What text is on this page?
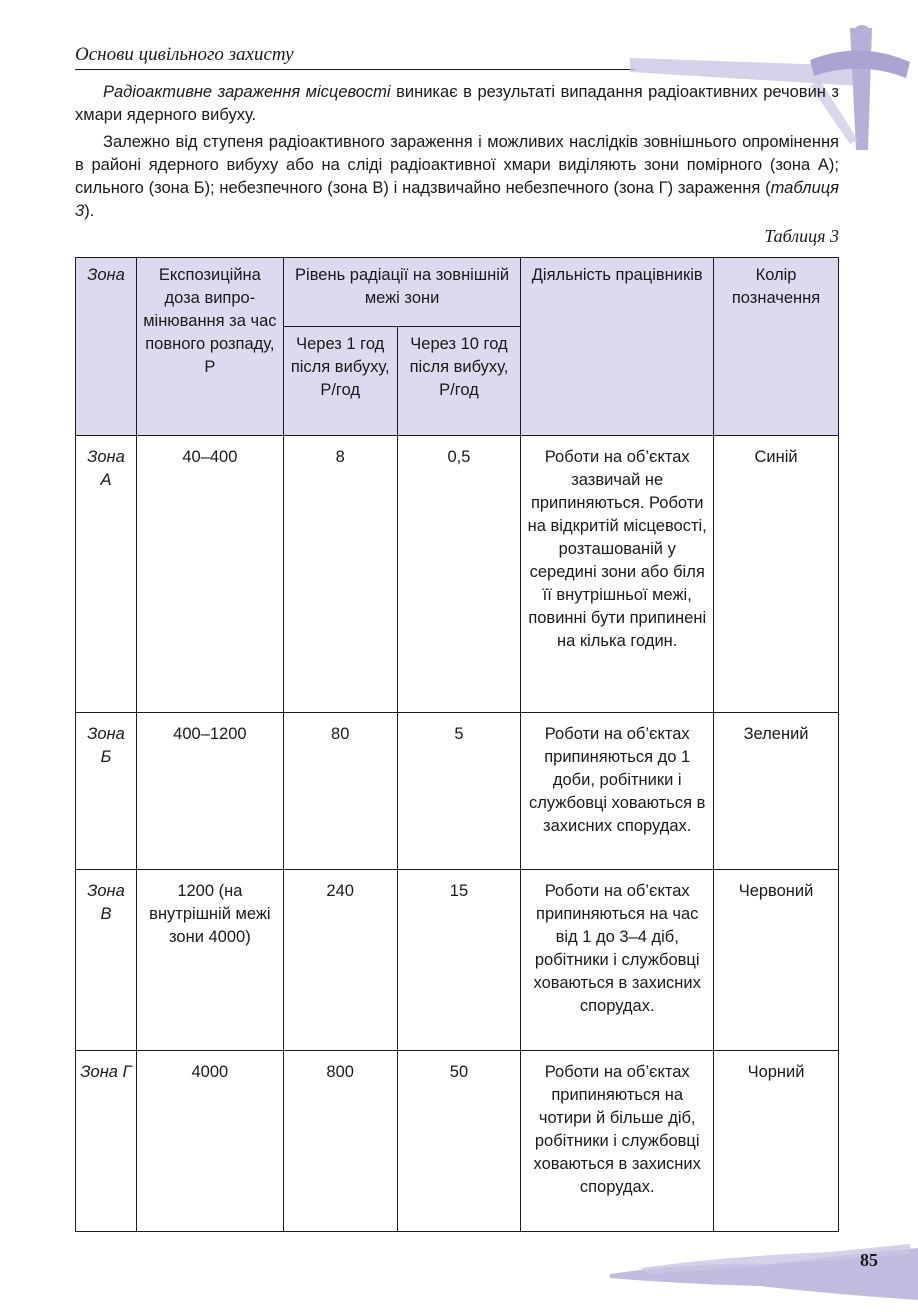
Основи цивільного захисту
Радіоактивне зараження місцевості виникає в результаті випадання радіоактивних речовин з хмари ядерного вибуху.
Залежно від ступеня радіоактивного зараження і можливих наслідків зовнішнього опромінення в районі ядерного вибуху або на сліді радіоактивної хмари виділяють зони помірного (зона А); сильного (зона Б); небезпечного (зона В) і надзвичайно небезпечного (зона Г) зараження (таблиця 3).
Таблиця 3
Зона	Експозиційна доза випро-мінювання за час повного розпаду, Р	Рівень радіації на зовнішній межі зони		Діяльність працівників	Колір позначення
		Через 1 год після вибуху, Р/год	Через 10 год після вибуху, Р/год		
Зона А	40–400	8	0,5	Роботи на об’єктах зазвичай не припиняються. Роботи на відкритій місцевості, розташованій у середині зони або біля її внутрішньої межі, повинні бути припинені на кілька годин.	Синій
Зона Б	400–1200	80	5	Роботи на об’єктах припиняються до 1 доби, робітники і службовці ховаються в захисних спорудах.	Зелений
Зона В	1200 (на внутрішній межі зони 4000)	240	15	Роботи на об’єктах припиняються на час від 1 до 3–4 діб, робітники і службовці ховаються в захисних спорудах.	Червоний
Зона Г	4000	800	50	Роботи на об’єктах припиняються на чотири й більше діб, робітники і службовці ховаються в захисних спорудах.	Чорний
85
